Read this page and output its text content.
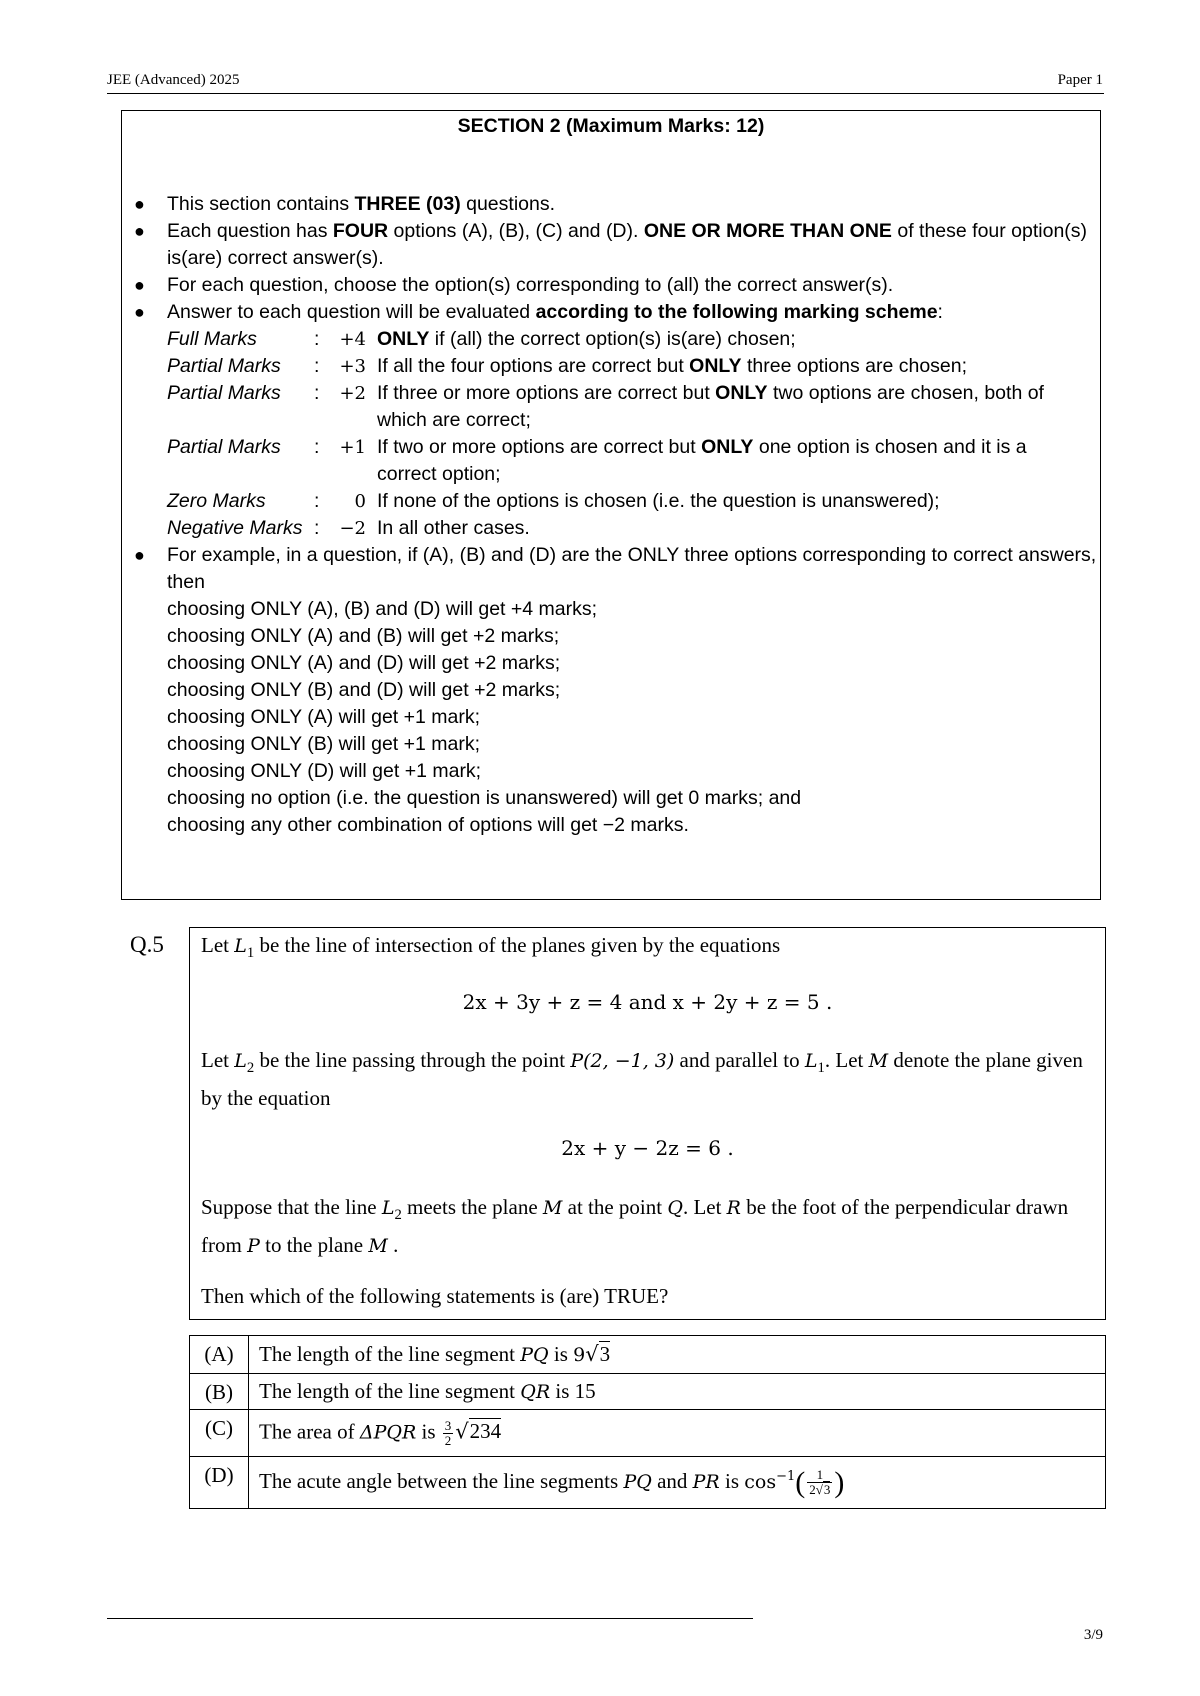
JEE (Advanced) 2025	Paper 1
SECTION 2 (Maximum Marks: 12)
● This section contains THREE (03) questions.
● Each question has FOUR options (A), (B), (C) and (D). ONE OR MORE THAN ONE of these four option(s) is(are) correct answer(s).
● For each question, choose the option(s) corresponding to (all) the correct answer(s).
● Answer to each question will be evaluated according to the following marking scheme:
Full Marks	:	+4 ONLY if (all) the correct option(s) is(are) chosen;
Partial Marks :	+3 If all the four options are correct but ONLY three options are chosen;
Partial Marks :	+2 If three or more options are correct but ONLY two options are chosen, both of
which are correct;
Partial Marks :	+1 If two or more options are correct but ONLY one option is chosen and it is a
correct option;
Zero Marks :	0 If none of the options is chosen (i.e. the question is unanswered);
Negative Marks :	−2 In all other cases.
● For example, in a question, if (A), (B) and (D) are the ONLY three options corresponding to correct answers, then
choosing ONLY (A), (B) and (D) will get +4 marks;
choosing ONLY (A) and (B) will get +2 marks;
choosing ONLY (A) and (D) will get +2 marks;
choosing ONLY (B) and (D) will get +2 marks;
choosing ONLY (A) will get +1 mark;
choosing ONLY (B) will get +1 mark;
choosing ONLY (D) will get +1 mark;
choosing no option (i.e. the question is unanswered) will get 0 marks; and
choosing any other combination of options will get −2 marks.
Q.5 Let $L_1$ be the line of intersection of the planes given by the equations
2x + 3y + z = 4 and x + 2y + z = 5 .
Let $L_2$ be the line passing through the point P(2, −1, 3) and parallel to $L_1$. Let M denote the plane given by the equation
2x + y − 2z = 6 .
Suppose that the line $L_2$ meets the plane M at the point Q. Let R be the foot of the perpendicular drawn from P to the plane M .
Then which of the following statements is (are) TRUE?
(A)	The length of the line segment PQ is 9√3
(B)	The length of the line segment QR is 15
(C)	The area of ΔPQR is $\frac{3}{2} √234$
(D)	The acute angle between the line segments PQ and PR is $\cos^{-1}( \frac{1}{2√3}$ )
3/9
